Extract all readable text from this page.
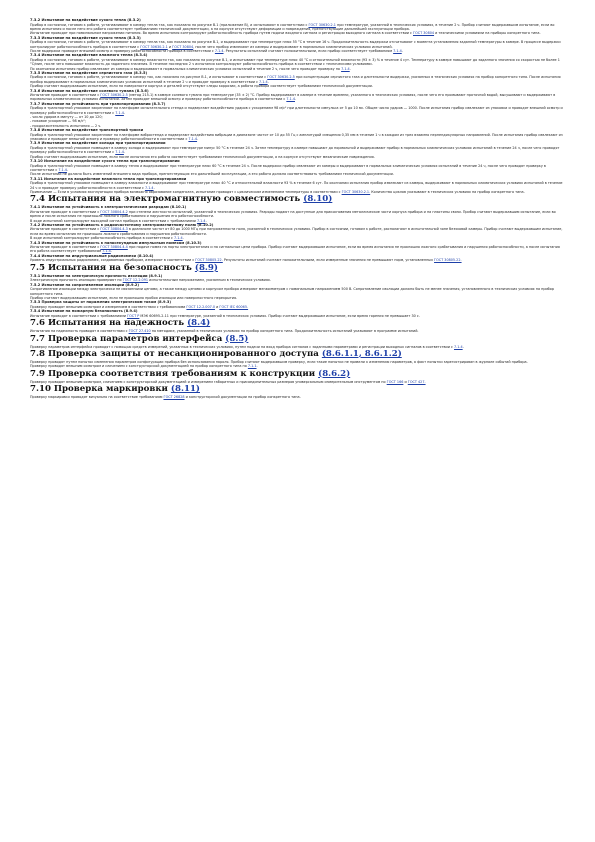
7.3.2 Испытание на воздействие сухого тепла (8.3.2)
Прибор в состоянии, готовом к работе, устанавливают в камеру тепла так, как показано на рисунке В.1 (приложение В), и испытывают в соответствии с ГОСТ 30630.2.1 при температуре, указанной в технических условиях, в течение 2 ч. Прибор считают выдержавшим испытание, если во время испытания и после него его работа соответствует требованиям технической документации, а на корпусе отсутствуют деформации и повреждения, препятствующие дальнейшей эксплуатации прибора.
Испытание проводят при номинальном напряжении питания. Во время испытания контролируют работоспособность прибора путем подачи входного сигнала и регистрации выходного сигнала в соответствии с ГОСТ 30804 и техническими условиями на приборы конкретного типа.
7.3.3 Испытание на воздействие сухого тепла (8.3.3)
Прибор в состоянии, готовом к работе, устанавливают в камеру тепла так, как показано на рисунке В.1, и выдерживают при температуре плюс 55 °С в течение 16 ч. Продолжительность выдержки отсчитывают с момента установления заданной температуры в камере. В процессе выдержки контролируют работоспособность прибора в соответствии с ГОСТ 30630.2.1 и ГОСТ 30804, после чего прибор извлекают из камеры и выдерживают в нормальных климатических условиях испытаний.
После выдержки проводят внешний осмотр и проверку работоспособности прибора в соответствии с 7.1.4. Результаты испытаний считают положительными, если прибор соответствует требованиям 7.1.4.
7.3.4 Испытание на воздействие влажного тепла (8.3.4)
Прибор в состоянии, готовом к работе, устанавливают в камеру влажности так, как показано на рисунке В.1, и испытывают при температуре плюс 40 °С и относительной влажности (93 ± 3) % в течение 4 сут. Температуру в камере повышают до заданного значения со скоростью не более 1 °С/мин, после чего повышают влажность до заданного значения. В течение последних 2 ч испытания контролируют работоспособность прибора в соответствии с техническими условиями.
По окончании испытания прибор извлекают из камеры и выдерживают в нормальных климатических условиях испытаний в течение 2 ч, после чего проводят проверку по 7.1.4.
7.3.5 Испытание на воздействие сернистого газа (8.3.5)
Прибор в состоянии, готовом к работе, устанавливают в камеру так, как показано на рисунке В.1, и испытывают в соответствии с ГОСТ 30630.2.5 при концентрации сернистого газа и длительности выдержки, указанных в технических условиях на прибор конкретного типа. После испытания прибор выдерживают в нормальных климатических условиях испытаний в течение 2 ч и проводят проверку в соответствии с 7.1.4.
Прибор считают выдержавшим испытание, если на поверхности корпуса и деталей отсутствуют следы коррозии, а работа прибора соответствует требованиям технической документации.
7.3.6 Испытание на воздействие солевого тумана (8.3.6)
Испытание проводят в соответствии с ГОСТ 30630.2.5 (метод 215-1) в камере солевого тумана при температуре (35 ± 2) °С. Прибор выдерживают в камере в течение времени, указанного в технических условиях, после чего его промывают проточной водой, высушивают и выдерживают в нормальных климатических условиях испытаний. Затем проводят внешний осмотр и проверку работоспособности прибора в соответствии с 7.1.4.
7.3.7 Испытание на устойчивость при транспортировании (8.3.7)
Прибор в транспортной упаковке закрепляют на платформе испытательного стенда и подвергают воздействию ударов с ускорением 98 м/с² при длительности импульса от 5 до 10 мс. Общее число ударов — 1000. После испытания прибор извлекают из упаковки и проводят внешний осмотр и проверку работоспособности в соответствии с 7.1.4.
- число ударов в минуту — от 10 до 120;
- пиковое ускорение — 98 м/с²;
- продолжительность испытания — 2 ч.
7.3.8 Испытание на воздействие транспортной тряски
Прибор в транспортной упаковке закрепляют на платформе вибростенда и подвергают воздействию вибрации в диапазоне частот от 10 до 55 Гц с амплитудой смещения 0,35 мм в течение 1 ч в каждом из трех взаимно перпендикулярных направлений. После испытания прибор извлекают из упаковки и проводят внешний осмотр и проверку работоспособности в соответствии с 7.1.4.
7.3.9 Испытание на воздействие холода при транспортировании
Прибор в транспортной упаковке помещают в камеру холода и выдерживают при температуре минус 50 °С в течение 24 ч. Затем температуру в камере повышают до нормальной и выдерживают прибор в нормальных климатических условиях испытаний в течение 24 ч, после чего проводят проверку работоспособности в соответствии с 7.1.4.
Прибор считают выдержавшим испытание, если после испытания его работа соответствует требованиям технической документации, а на корпусе отсутствуют механические повреждения.
7.3.10 Испытание на воздействие сухого тепла при транспортировании
Прибор в транспортной упаковке помещают в камеру тепла и выдерживают при температуре плюс 60 °С в течение 24 ч. После выдержки прибор извлекают из камеры и выдерживают в нормальных климатических условиях испытаний в течение 24 ч, после чего проводят проверку в соответствии с 7.1.4.
После испытаний не должно быть изменений внешнего вида прибора, препятствующих его дальнейшей эксплуатации, а его работа должна соответствовать требованиям технической документации.
7.3.11 Испытание на воздействие влажного тепла при транспортировании
Прибор в транспортной упаковке помещают в камеру влажности и выдерживают при температуре плюс 40 °С и относительной влажности 93 % в течение 6 сут. По окончании испытания прибор извлекают из камеры, выдерживают в нормальных климатических условиях испытаний в течение 24 ч и проводят проверку работоспособности в соответствии с 7.1.4.
Примечание — Если в условиях эксплуатации прибора возможно образование конденсата, испытание проводят с циклическим изменением температуры в соответствии с ГОСТ 30630.2.1. Количество циклов указывают в технических условиях на прибор конкретного типа.
7.4 Испытания на электромагнитную совместимость (8.10)
7.4.1 Испытание на устойчивость к электростатическим разрядам (8.10.1)
Испытание проводят в соответствии с ГОСТ 30804.4.2 при степени жесткости испытаний, указанной в технических условиях. Разряды подают на доступные для прикосновения металлические части корпуса прибора и на пластины связи. Прибор считают выдержавшим испытание, если во время и после испытания не произошло ложного срабатывания и нарушения его работоспособности.
В ходе испытаний контролируют выходной сигнал прибора в соответствии с требованиями 7.1.4.
7.4.2 Испытание на устойчивость к радиочастотному электромагнитному полю (8.10.2)
Испытание проводят в соответствии с ГОСТ 30804.4.3 в диапазоне частот от 80 до 1000 МГц при напряженности поля, указанной в технических условиях. Прибор в состоянии, готовом к работе, располагают в испытательной зоне безэховой камеры. Прибор считают выдержавшим испытание, если во время испытания не произошло ложного срабатывания и нарушения работоспособности.
В ходе испытаний контролируют работоспособность прибора в соответствии с 7.1.4.
7.4.3 Испытание на устойчивость к наносекундным импульсным помехам (8.10.3)
Испытание проводят в соответствии с ГОСТ 30804.4.4 при подаче помех на порты электропитания и на сигнальные цепи прибора. Прибор считают выдержавшим испытание, если во время испытания не произошло ложного срабатывания и нарушения работоспособности, а после испытания его работа соответствует требованиям 7.1.4.
7.4.4 Испытание на индустриальные радиопомехи (8.10.4)
Уровень индустриальных радиопомех, создаваемых прибором, измеряют в соответствии с ГОСТ 30805.22. Результаты испытаний считают положительными, если измеренные значения не превышают норм, установленных ГОСТ 30805.22.
7.5 Испытания на безопасность (8.9)
7.5.1 Испытание на электрическую прочность изоляции (8.9.1)
Электрическую прочность изоляции проверяют по ГОСТ 12.2.091 испытательным напряжением, указанным в технических условиях.
7.5.2 Испытание на сопротивление изоляции (8.9.2)
Сопротивление изоляции между электрически не связанными цепями, а также между цепями и корпусом прибора измеряют мегаомметром с номинальным напряжением 500 В. Сопротивление изоляции должно быть не менее значения, установленного в технических условиях на прибор конкретного типа.
Прибор считают выдержавшим испытание, если не произошло пробоя изоляции или поверхностного перекрытия.
7.5.3 Проверка защиты от поражения электрическим током (8.9.3)
Проверку проводят внешним осмотром и измерением в соответствии с требованиями ГОСТ 12.2.007.0 и ГОСТ IEC 60065.
7.5.4 Испытание на пожарную безопасность (8.9.4)
Испытание проводят в соответствии с требованиями ГОСТ Р МЭК 60695-2-11 при температуре, указанной в технических условиях. Прибор считают выдержавшим испытание, если время горения не превышает 30 с.
7.6 Испытания на надежность (8.4)
Испытания на надежность проводят в соответствии с ГОСТ 27.410 по методике, указанной в технических условиях на прибор конкретного типа. Продолжительность испытаний указывают в программе испытаний.
7.7 Проверка параметров интерфейса (8.5)
Проверку параметров интерфейса проводят с помощью средств измерений, указанных в технических условиях, путем подачи на вход прибора сигналов с заданными параметрами и регистрации выходных сигналов в соответствии с 7.1.4.
7.8 Проверка защиты от несанкционированного доступа (8.6.1.1, 8.6.1.2)
Проверку проводят путем попыток изменения параметров конфигурации прибора без использования пароля. Прибор считают выдержавшим проверку, если такие попытки не привели к изменению параметров, а факт попытки зарегистрирован в журнале событий прибора.
Проверку проводят внешним осмотром и сличением с конструкторской документацией на прибор конкретного типа по 7.1.1.
7.9 Проверка соответствия требованиям к конструкции (8.6.2)
Проверку проводят внешним осмотром, сличением с конструкторской документацией и измерением габаритных и присоединительных размеров универсальным измерительным инструментом по ГОСТ 166 и ГОСТ 427.
7.10 Проверка маркировки (8.11)
Проверку маркировки проводят визуально на соответствие требованиям ГОСТ 26828 и конструкторской документации на прибор конкретного типа.
